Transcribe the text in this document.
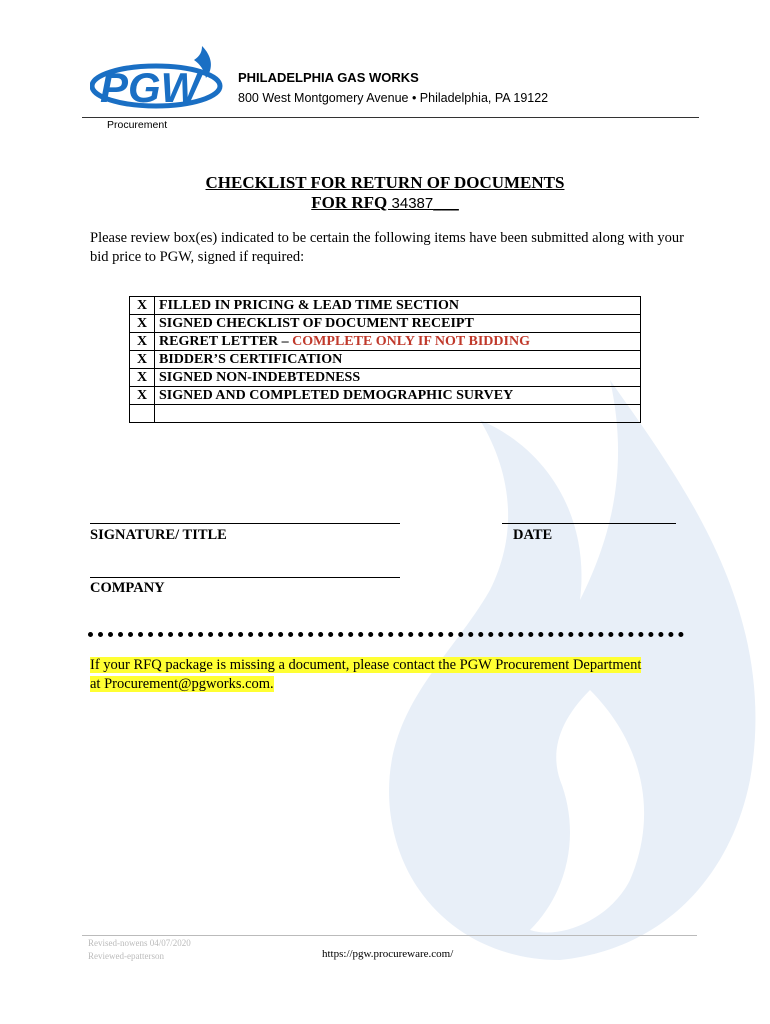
PGW	PHILADELPHIA GAS WORKS
800 West Montgomery Avenue • Philadelphia, PA 19122
Procurement
CHECKLIST FOR RETURN OF DOCUMENTS
FOR RFQ 34387___
Please review box(es) indicated to be certain the following items have been submitted along with your bid price to PGW, signed if required:
X	FILLED IN PRICING & LEAD TIME SECTION
X	SIGNED CHECKLIST OF DOCUMENT RECEIPT
X	REGRET LETTER – COMPLETE ONLY IF NOT BIDDING
X	BIDDER’S CERTIFICATION
X	SIGNED NON-INDEBTEDNESS
X	SIGNED AND COMPLETED DEMOGRAPHIC SURVEY

SIGNATURE/ TITLE	DATE
COMPANY
If your RFQ package is missing a document, please contact the PGW Procurement Department
at Procurement@pgworks.com.
Revised-nowens 04/07/2020
Reviewed-epatterson	https://pgw.procureware.com/
